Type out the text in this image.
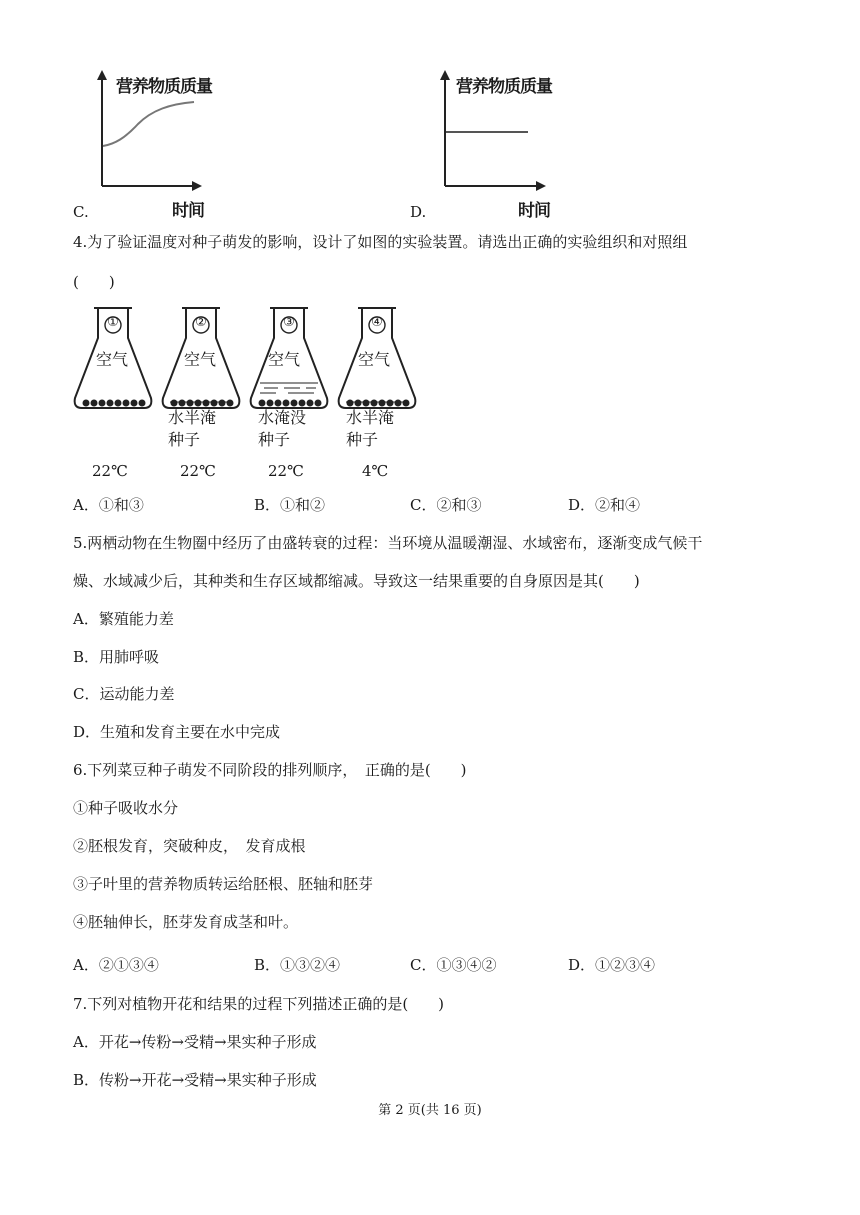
营养物质质量
时间
C.
营养物质质量
时间
D.
4.为了验证温度对种子萌发的影响，设计了如图的实验装置。请选出正确的实验组织和对照组
(　　)
①
空气
22℃
②
空气
水半淹
种子
22℃
③
空气
水淹没
种子
22℃
④
空气
水半淹
种子
4℃
A．①和③	B．①和②	C．②和③	D．②和④
5.两栖动物在生物圈中经历了由盛转衰的过程：当环境从温暖潮湿、水域密布，逐渐变成气候干
燥、水域减少后，其种类和生存区域都缩减。导致这一结果重要的自身原因是其(　　)
A．繁殖能力差
B．用肺呼吸
C．运动能力差
D．生殖和发育主要在水中完成
6.下列菜豆种子萌发不同阶段的排列顺序，　正确的是(　　)
①种子吸收水分
②胚根发育，突破种皮，　发育成根
③子叶里的营养物质转运给胚根、胚轴和胚芽
④胚轴伸长，胚芽发育成茎和叶。
A．②①③④	B．①③②④	C．①③④②	D．①②③④
7.下列对植物开花和结果的过程下列描述正确的是(　　)
A．开花→传粉→受精→果实种子形成
B．传粉→开花→受精→果实种子形成
第 2 页(共 16 页)
